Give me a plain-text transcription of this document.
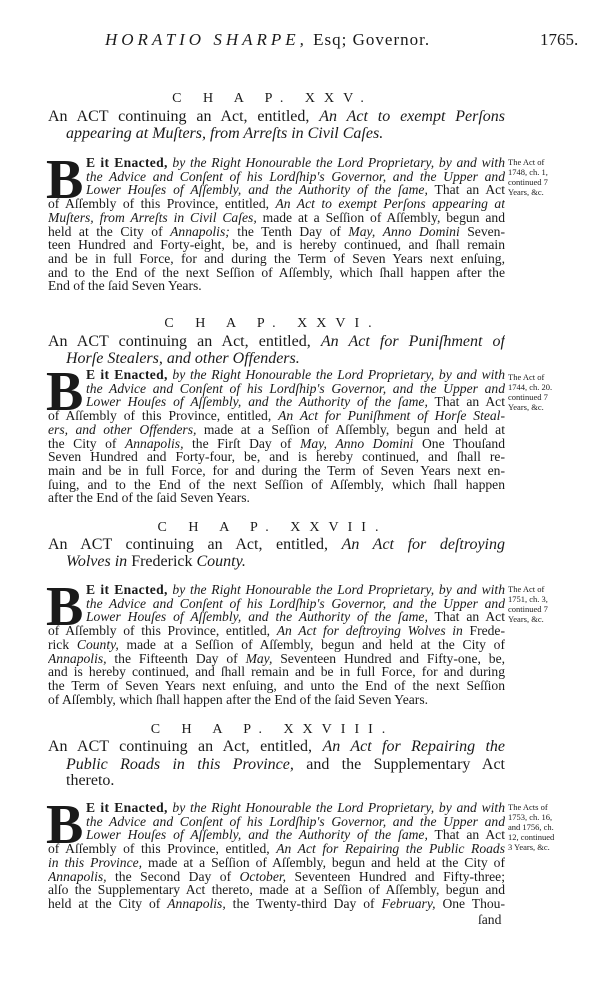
HORATIO SHARPE, Esq; Governor.	1765.
C H A P. XXV.
An ACT continuing an Act, entitled, An Act to exempt Perſons
appearing at Muſters, from Arreſts in Civil Caſes.
B E it Enacted, by the Right Honourable the Lord Proprietary, by and with
the Advice and Conſent of his Lordſhip's Governor, and the Upper and
Lower Houſes of Aſſembly, and the Authority of the ſame, That an Act
of Aſſembly of this Province, entitled, An Act to exempt Perſons appearing at
Muſters, from Arreſts in Civil Caſes, made at a Seſſion of Aſſembly, begun and
held at the City of Annapolis; the Tenth Day of May, Anno Domini Seven-
teen Hundred and Forty-eight, be, and is hereby continued, and ſhall remain
and be in full Force, for and during the Term of Seven Years next enſuing,
and to the End of the next Seſſion of Aſſembly, which ſhall happen after the
End of the ſaid Seven Years.
The Act of
1748, ch. 1,
continued 7
Years, &c.
C H A P. XXVI.
An ACT continuing an Act, entitled, An Act for Puniſhment of
Horſe Stealers, and other Offenders.
B E it Enacted, by the Right Honourable the Lord Proprietary, by and with
the Advice and Conſent of his Lordſhip's Governor, and the Upper and
Lower Houſes of Aſſembly, and the Authority of the ſame, That an Act
of Aſſembly of this Province, entitled, An Act for Puniſhment of Horſe Steal-
ers, and other Offenders, made at a Seſſion of Aſſembly, begun and held at
the City of Annapolis, the Firſt Day of May, Anno Domini One Thouſand
Seven Hundred and Forty-four, be, and is hereby continued, and ſhall re-
main and be in full Force, for and during the Term of Seven Years next en-
ſuing, and to the End of the next Seſſion of Aſſembly, which ſhall happen
after the End of the ſaid Seven Years.
The Act of
1744, ch. 20.
continued 7
Years, &c.
C H A P. XXVII.
An ACT continuing an Act, entitled, An Act for deſtroying
Wolves in Frederick County.
B E it Enacted, by the Right Honourable the Lord Proprietary, by and with
the Advice and Conſent of his Lordſhip's Governor, and the Upper and
Lower Houſes of Aſſembly, and the Authority of the ſame, That an Act
of Aſſembly of this Province, entitled, An Act for deſtroying Wolves in Frede-
rick County, made at a Seſſion of Aſſembly, begun and held at the City of
Annapolis, the Fifteenth Day of May, Seventeen Hundred and Fifty-one, be,
and is hereby continued, and ſhall remain and be in full Force, for and during
the Term of Seven Years next enſuing, and unto the End of the next Seſſion
of Aſſembly, which ſhall happen after the End of the ſaid Seven Years.
The Act of
1751, ch. 3,
continued 7
Years, &c.
C H A P. XXVIII.
An ACT continuing an Act, entitled, An Act for Repairing the
Public Roads in this Province, and the Supplementary Act
thereto.
B E it Enacted, by the Right Honourable the Lord Proprietary, by and with
the Advice and Conſent of his Lordſhip's Governor, and the Upper and
Lower Houſes of Aſſembly, and the Authority of the ſame, That an Act
of Aſſembly of this Province, entitled, An Act for Repairing the Public Roads
in this Province, made at a Seſſion of Aſſembly, begun and held at the City of
Annapolis, the Second Day of October, Seventeen Hundred and Fifty-three;
alſo the Supplementary Act thereto, made at a Seſſion of Aſſembly, begun and
held at the City of Annapolis, the Twenty-third Day of February, One Thou-
ſand
The Acts of
1753, ch. 16,
and 1756, ch.
12, continued
3 Years, &c.
